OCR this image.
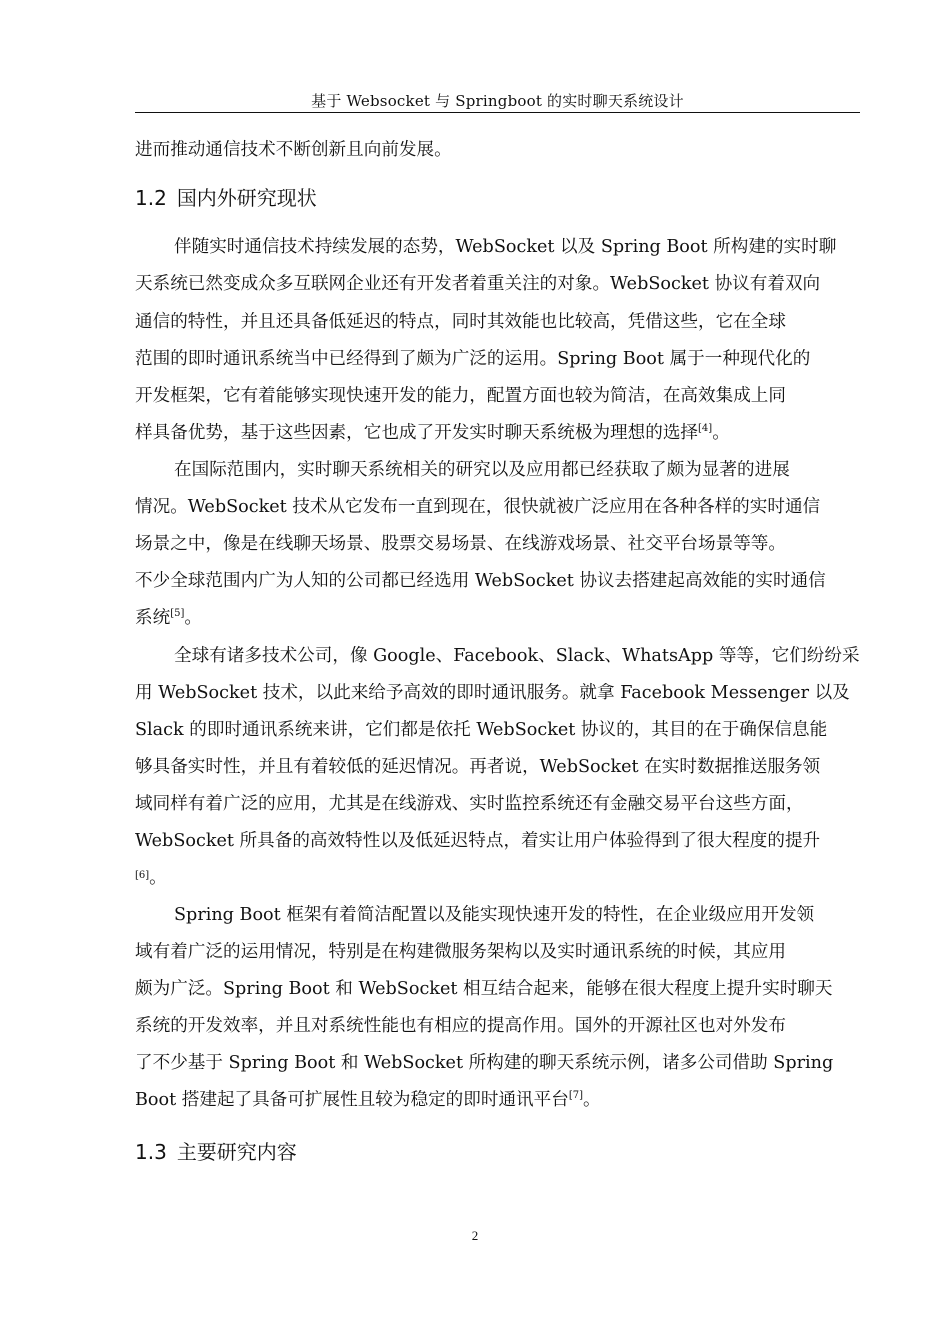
基于 Websocket 与 Springboot 的实时聊天系统设计
进而推动通信技术不断创新且向前发展。
1.2 国内外研究现状
伴随实时通信技术持续发展的态势，WebSocket 以及 Spring Boot 所构建的实时聊
天系统已然变成众多互联网企业还有开发者着重关注的对象。WebSocket 协议有着双向
通信的特性，并且还具备低延迟的特点，同时其效能也比较高，凭借这些，它在全球
范围的即时通讯系统当中已经得到了颇为广泛的运用。Spring Boot 属于一种现代化的
开发框架，它有着能够实现快速开发的能力，配置方面也较为简洁，在高效集成上同
样具备优势，基于这些因素，它也成了开发实时聊天系统极为理想的选择[4]。
在国际范围内，实时聊天系统相关的研究以及应用都已经获取了颇为显著的进展
情况。WebSocket 技术从它发布一直到现在，很快就被广泛应用在各种各样的实时通信
场景之中，像是在线聊天场景、股票交易场景、在线游戏场景、社交平台场景等等。
不少全球范围内广为人知的公司都已经选用 WebSocket 协议去搭建起高效能的实时通信
系统[5]。
全球有诸多技术公司，像 Google、Facebook、Slack、WhatsApp 等等，它们纷纷采
用 WebSocket 技术，以此来给予高效的即时通讯服务。就拿 Facebook Messenger 以及
Slack 的即时通讯系统来讲，它们都是依托 WebSocket 协议的，其目的在于确保信息能
够具备实时性，并且有着较低的延迟情况。再者说，WebSocket 在实时数据推送服务领
域同样有着广泛的应用，尤其是在线游戏、实时监控系统还有金融交易平台这些方面，
WebSocket 所具备的高效特性以及低延迟特点，着实让用户体验得到了很大程度的提升
[6]。
Spring Boot 框架有着简洁配置以及能实现快速开发的特性，在企业级应用开发领
域有着广泛的运用情况，特别是在构建微服务架构以及实时通讯系统的时候，其应用
颇为广泛。Spring Boot 和 WebSocket 相互结合起来，能够在很大程度上提升实时聊天
系统的开发效率，并且对系统性能也有相应的提高作用。国外的开源社区也对外发布
了不少基于 Spring Boot 和 WebSocket 所构建的聊天系统示例，诸多公司借助 Spring
Boot 搭建起了具备可扩展性且较为稳定的即时通讯平台[7]。
1.3 主要研究内容
2
